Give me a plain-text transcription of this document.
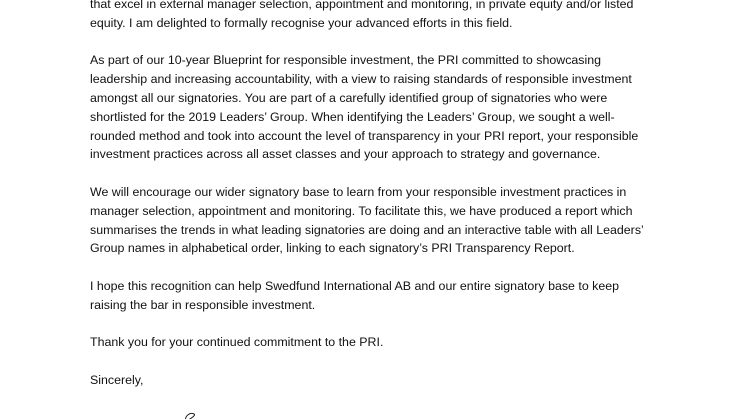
that excel in external manager selection, appointment and monitoring, in private equity and/or listed
equity. I am delighted to formally recognise your advanced efforts in this field.

As part of our 10-year Blueprint for responsible investment, the PRI committed to showcasing
leadership and increasing accountability, with a view to raising standards of responsible investment
amongst all our signatories. You are part of a carefully identified group of signatories who were
shortlisted for the 2019 Leaders’ Group. When identifying the Leaders’ Group, we sought a well-
rounded method and took into account the level of transparency in your PRI report, your responsible
investment practices across all asset classes and your approach to strategy and governance.

We will encourage our wider signatory base to learn from your responsible investment practices in
manager selection, appointment and monitoring. To facilitate this, we have produced a report which
summarises the trends in what leading signatories are doing and an interactive table with all Leaders’
Group names in alphabetical order, linking to each signatory’s PRI Transparency Report.

I hope this recognition can help Swedfund International AB and our entire signatory base to keep
raising the bar in responsible investment.

Thank you for your continued commitment to the PRI.

Sincerely,
